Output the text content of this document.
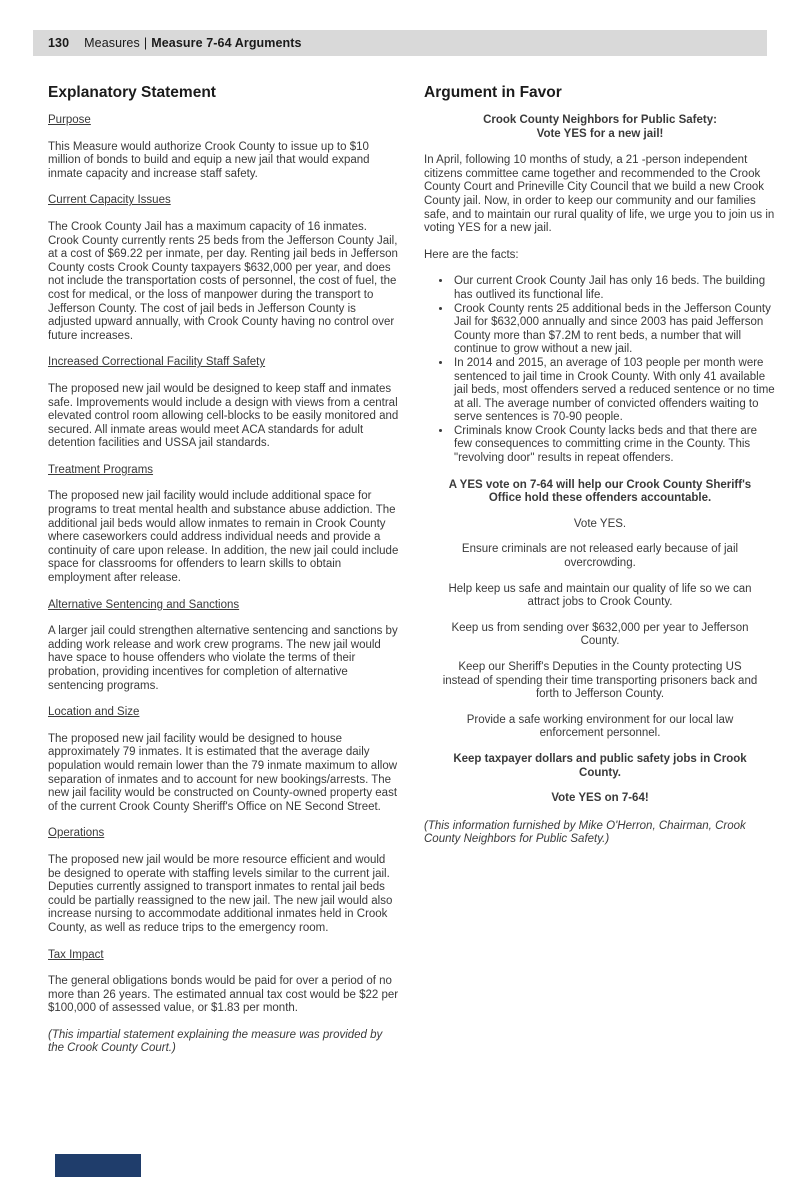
130 Measures | Measure 7-64 Arguments
Explanatory Statement
Purpose

This Measure would authorize Crook County to issue up to $10 million of bonds to build and equip a new jail that would expand inmate capacity and increase staff safety.

Current Capacity Issues

The Crook County Jail has a maximum capacity of 16 inmates. Crook County currently rents 25 beds from the Jefferson County Jail, at a cost of $69.22 per inmate, per day. Renting jail beds in Jefferson County costs Crook County taxpayers $632,000 per year, and does not include the transportation costs of personnel, the cost of fuel, the cost for medical, or the loss of manpower during the transport to Jefferson County. The cost of jail beds in Jefferson County is adjusted upward annually, with Crook County having no control over future increases.

Increased Correctional Facility Staff Safety

The proposed new jail would be designed to keep staff and inmates safe. Improvements would include a design with views from a central elevated control room allowing cell-blocks to be easily monitored and secured. All inmate areas would meet ACA standards for adult detention facilities and USSA jail standards.

Treatment Programs

The proposed new jail facility would include additional space for programs to treat mental health and substance abuse addiction. The additional jail beds would allow inmates to remain in Crook County where caseworkers could address individual needs and provide a continuity of care upon release. In addition, the new jail could include space for classrooms for offenders to learn skills to obtain employment after release.

Alternative Sentencing and Sanctions

A larger jail could strengthen alternative sentencing and sanctions by adding work release and work crew programs. The new jail would have space to house offenders who violate the terms of their probation, providing incentives for completion of alternative sentencing programs.

Location and Size

The proposed new jail facility would be designed to house approximately 79 inmates. It is estimated that the average daily population would remain lower than the 79 inmate maximum to allow separation of inmates and to account for new bookings/arrests. The new jail facility would be constructed on County-owned property east of the current Crook County Sheriff's Office on NE Second Street.

Operations

The proposed new jail would be more resource efficient and would be designed to operate with staffing levels similar to the current jail. Deputies currently assigned to transport inmates to rental jail beds could be partially reassigned to the new jail. The new jail would also increase nursing to accommodate additional inmates held in Crook County, as well as reduce trips to the emergency room.

Tax Impact

The general obligations bonds would be paid for over a period of no more than 26 years. The estimated annual tax cost would be $22 per $100,000 of assessed value, or $1.83 per month.

(This impartial statement explaining the measure was provided by the Crook County Court.)

Argument in Favor
Crook County Neighbors for Public Safety:
Vote YES for a new jail!

In April, following 10 months of study, a 21 -person independent citizens committee came together and recommended to the Crook County Court and Prineville City Council that we build a new Crook County jail. Now, in order to keep our community and our families safe, and to maintain our rural quality of life, we urge you to join us in voting YES for a new jail.

Here are the facts:

• Our current Crook County Jail has only 16 beds. The building has outlived its functional life.
• Crook County rents 25 additional beds in the Jefferson County Jail for $632,000 annually and since 2003 has paid Jefferson County more than $7.2M to rent beds, a number that will continue to grow without a new jail.
• In 2014 and 2015, an average of 103 people per month were sentenced to jail time in Crook County. With only 41 available jail beds, most offenders served a reduced sentence or no time at all. The average number of convicted offenders waiting to serve sentences is 70-90 people.
• Criminals know Crook County lacks beds and that there are few consequences to committing crime in the County. This "revolving door" results in repeat offenders.

A YES vote on 7-64 will help our Crook County Sheriff's Office hold these offenders accountable.

Vote YES.

Ensure criminals are not released early because of jail overcrowding.

Help keep us safe and maintain our quality of life so we can attract jobs to Crook County.

Keep us from sending over $632,000 per year to Jefferson County.

Keep our Sheriff's Deputies in the County protecting US instead of spending their time transporting prisoners back and forth to Jefferson County.

Provide a safe working environment for our local law enforcement personnel.

Keep taxpayer dollars and public safety jobs in Crook County.

Vote YES on 7-64!

(This information furnished by Mike O'Herron, Chairman, Crook County Neighbors for Public Safety.)
